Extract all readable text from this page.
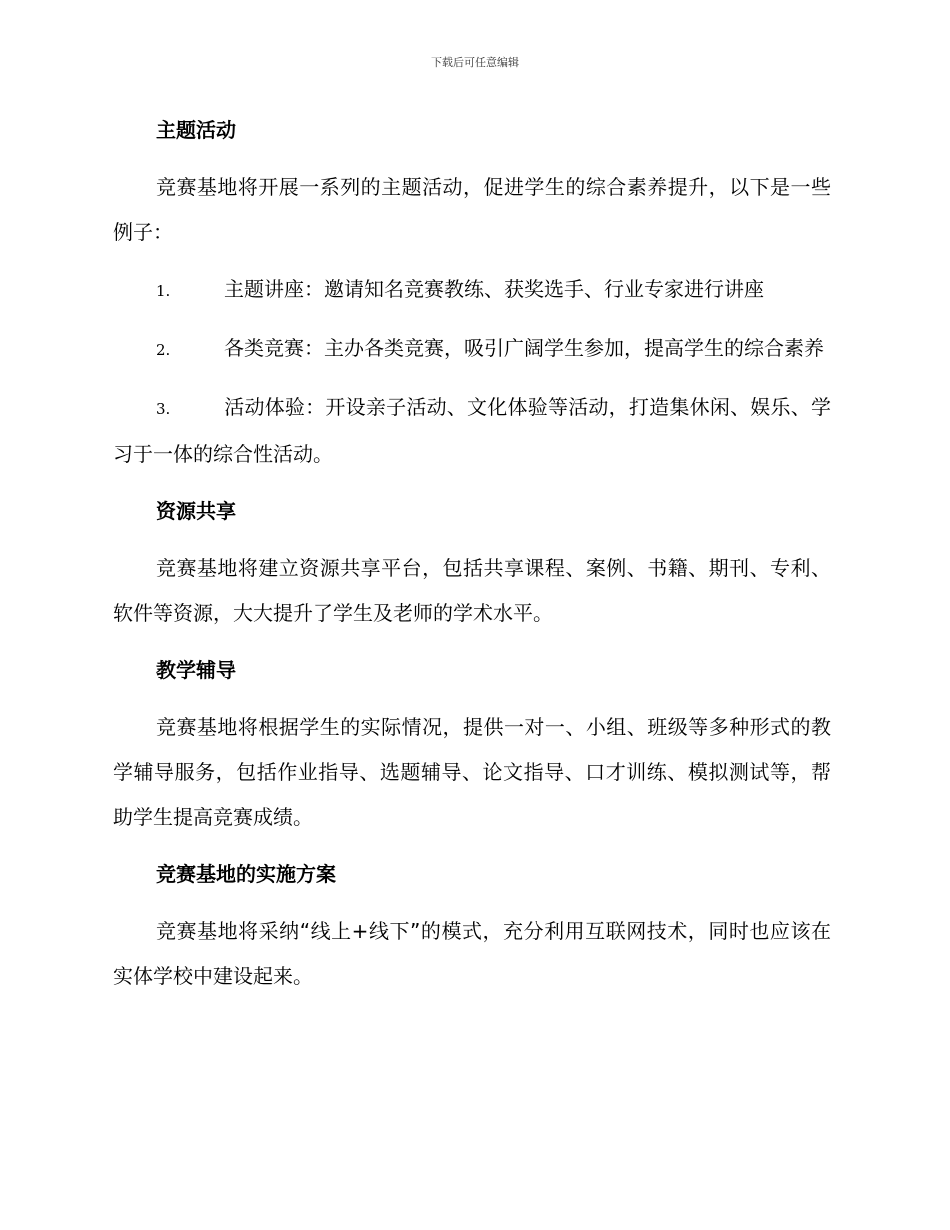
下载后可任意编辑
主题活动

竞赛基地将开展一系列的主题活动，促进学生的综合素养提升，以下是一些例子：

1.	主题讲座：邀请知名竞赛教练、获奖选手、行业专家进行讲座

2.	各类竞赛：主办各类竞赛，吸引广阔学生参加，提高学生的综合素养

3.	活动体验：开设亲子活动、文化体验等活动，打造集休闲、娱乐、学习于一体的综合性活动。

资源共享

竞赛基地将建立资源共享平台，包括共享课程、案例、书籍、期刊、专利、软件等资源，大大提升了学生及老师的学术水平。

教学辅导

竞赛基地将根据学生的实际情况，提供一对一、小组、班级等多种形式的教学辅导服务，包括作业指导、选题辅导、论文指导、口才训练、模拟测试等，帮助学生提高竞赛成绩。

竞赛基地的实施方案

竞赛基地将采纳“线上+线下”的模式，充分利用互联网技术，同时也应该在实体学校中建设起来。
